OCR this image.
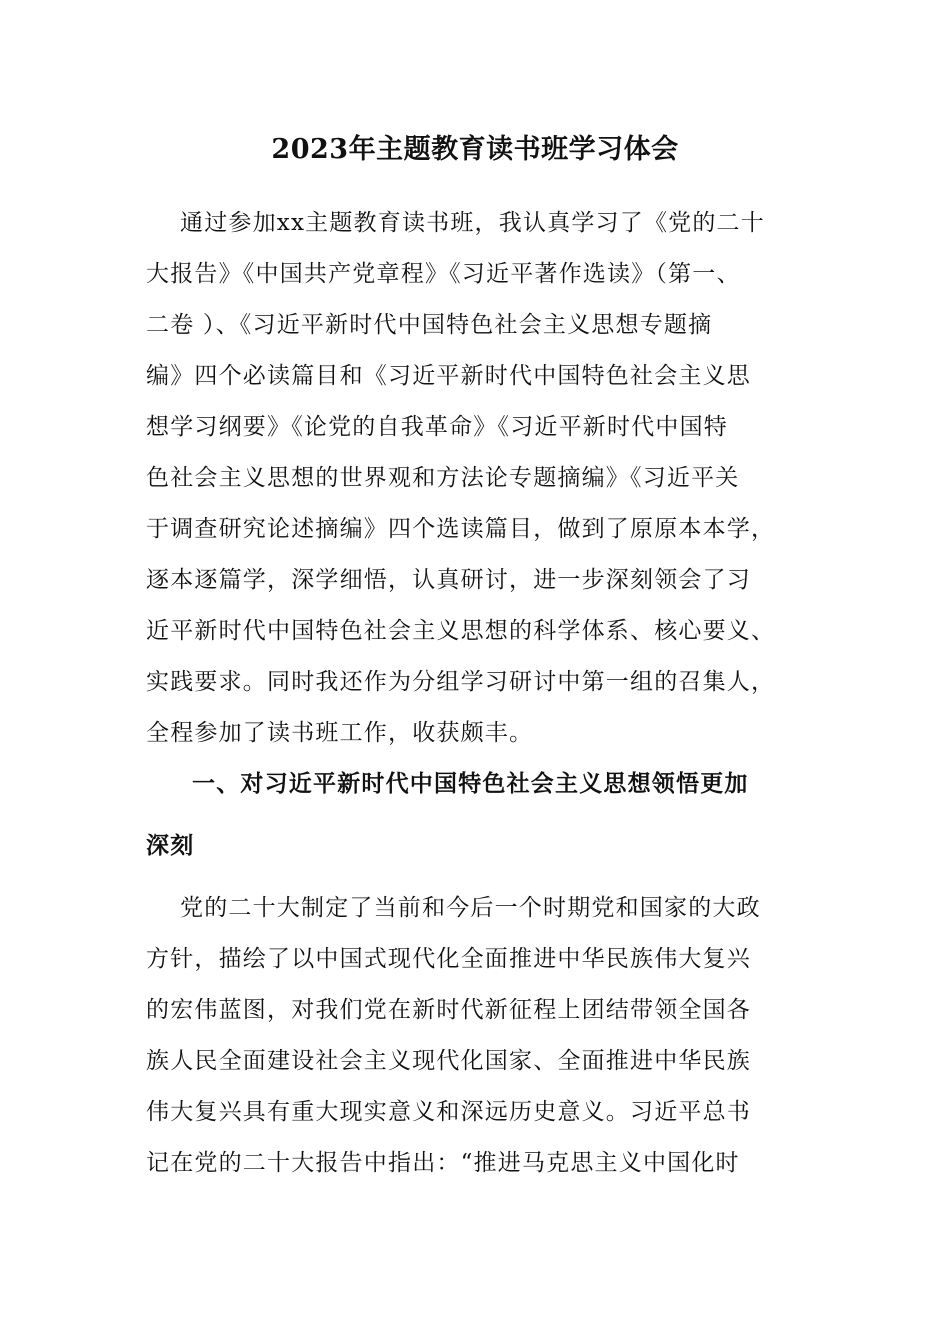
2023年主题教育读书班学习体会
通过参加xx主题教育读书班，我认真学习了《党的二十
大报告》《中国共产党章程》《习近平著作选读》（第一、
二卷 ）、《习近平新时代中国特色社会主义思想专题摘
编》四个必读篇目和《习近平新时代中国特色社会主义思
想学习纲要》《论党的自我革命》《习近平新时代中国特
色社会主义思想的世界观和方法论专题摘编》《习近平关
于调查研究论述摘编》四个选读篇目，做到了原原本本学，
逐本逐篇学，深学细悟，认真研讨，进一步深刻领会了习
近平新时代中国特色社会主义思想的科学体系、核心要义、
实践要求。同时我还作为分组学习研讨中第一组的召集人，
全程参加了读书班工作，收获颇丰。
一、对习近平新时代中国特色社会主义思想领悟更加
深刻
党的二十大制定了当前和今后一个时期党和国家的大政
方针，描绘了以中国式现代化全面推进中华民族伟大复兴
的宏伟蓝图，对我们党在新时代新征程上团结带领全国各
族人民全面建设社会主义现代化国家、全面推进中华民族
伟大复兴具有重大现实意义和深远历史意义。习近平总书
记在党的二十大报告中指出：“推进马克思主义中国化时
